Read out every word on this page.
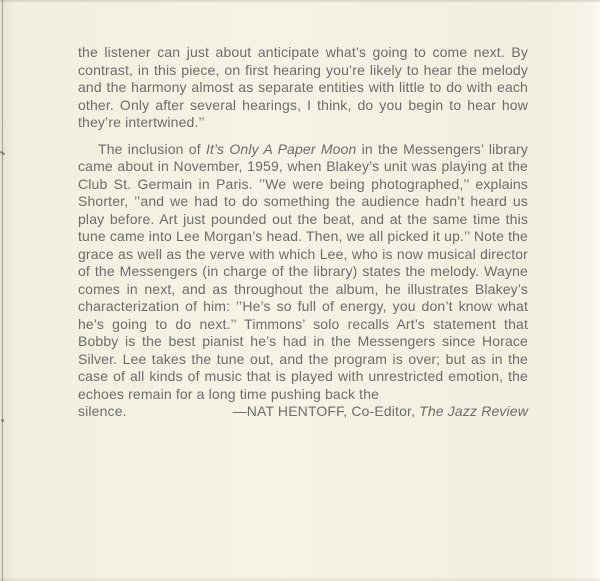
the listener can just about anticipate what’s going to come next. By contrast, in this piece, on first hearing you’re likely to hear the melody and the harmony almost as separate entities with little to do with each other. Only after several hearings, I think, do you begin to hear how they’re intertwined.’’

The inclusion of It’s Only A Paper Moon in the Messengers’ library came about in November, 1959, when Blakey’s unit was playing at the Club St. Germain in Paris. ’’We were being photographed,’’ explains Shorter, ’’and we had to do something the audience hadn’t heard us play before. Art just pounded out the beat, and at the same time this tune came into Lee Morgan’s head. Then, we all picked it up.’’ Note the grace as well as the verve with which Lee, who is now musical director of the Messengers (in charge of the library) states the melody. Wayne comes in next, and as throughout the album, he illustrates Blakey’s characterization of him: ’’He’s so full of energy, you don’t know what he’s going to do next.’’ Timmons’ solo recalls Art’s statement that Bobby is the best pianist he’s had in the Messengers since Horace Silver. Lee takes the tune out, and the program is over; but as in the case of all kinds of music that is played with unrestricted emotion, the echoes remain for a long time pushing back the

silence.	—NAT HENTOFF, Co-Editor, The Jazz Review
